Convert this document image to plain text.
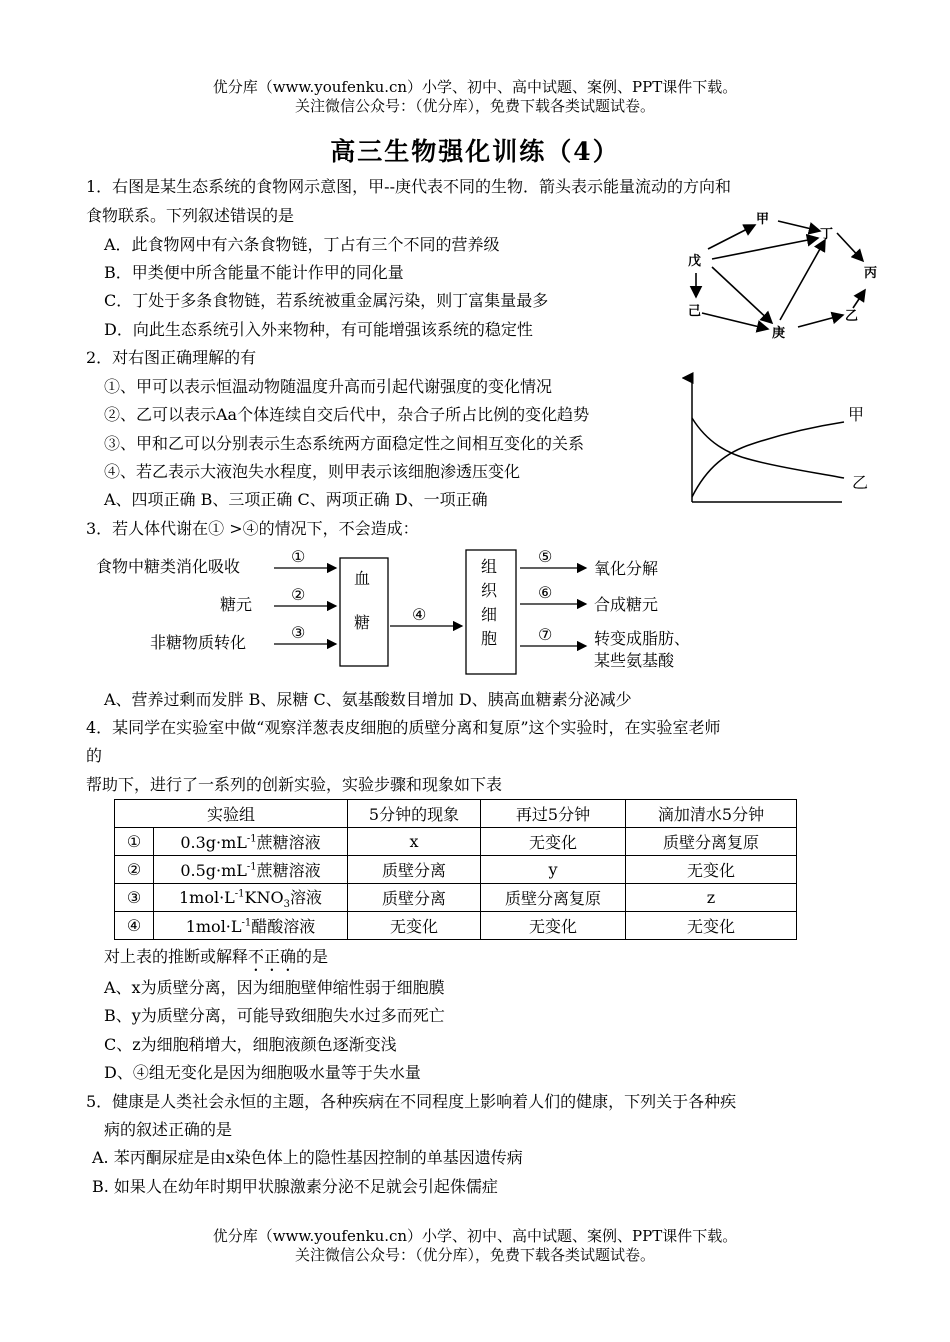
优分库（www.youfenku.cn）小学、初中、高中试题、案例、PPT课件下载。
关注微信公众号：（优分库），免费下载各类试题试卷。
高三生物强化训练（4）
1．右图是某生态系统的食物网示意图，甲--庚代表不同的生物．箭头表示能量流动的方向和
食物联系。下列叙述错误的是
A．此食物网中有六条食物链，丁占有三个不同的营养级
B．甲类便中所含能量不能计作甲的同化量
C．丁处于多条食物链，若系统被重金属污染，则丁富集量最多
D．向此生态系统引入外来物种，有可能增强该系统的稳定性
甲
丁
戊
丙
己
庚
乙
2．对右图正确理解的有
①、甲可以表示恒温动物随温度升高而引起代谢强度的变化情况
②、乙可以表示Aa个体连续自交后代中，杂合子所占比例的变化趋势
③、甲和乙可以分别表示生态系统两方面稳定性之间相互变化的关系
④、若乙表示大液泡失水程度，则甲表示该细胞渗透压变化
A、四项正确 B、三项正确 C、两项正确 D、一项正确
甲
乙
3．若人体代谢在① >④的情况下，不会造成：
食物中糖类消化吸收
糖元
非糖物质转化
①
②
③
④
⑤
⑥
⑦
血
糖
组
织
细
胞
氧化分解
合成糖元
转变成脂肪、
某些氨基酸
A、营养过剩而发胖 B、尿糖 C、氨基酸数目增加 D、胰高血糖素分泌减少
4．某同学在实验室中做“观察洋葱表皮细胞的质壁分离和复原”这个实验时，在实验室老师
的
帮助下，进行了一系列的创新实验，实验步骤和现象如下表
实验组		5分钟的现象	再过5分钟	滴加清水5分钟
①	$0.3g\cdot mL^{-1}$蔗糖溶液	x	无变化	质壁分离复原
②	$0.5g\cdot mL^{-1}$蔗糖溶液	质壁分离	y	无变化
③	$1mol\cdot L^{-1}KNO_3$溶液	质壁分离	质壁分离复原	z
④	$1mol\cdot L^{-1}$醋酸溶液	无变化	无变化	无变化
对上表的推断或解释不正确的是
A、x为质壁分离，因为细胞壁伸缩性弱于细胞膜
B、y为质壁分离，可能导致细胞失水过多而死亡
C、z为细胞稍增大，细胞液颜色逐渐变浅
D、④组无变化是因为细胞吸水量等于失水量
5．健康是人类社会永恒的主题，各种疾病在不同程度上影响着人们的健康，下列关于各种疾
病的叙述正确的是
A. 苯丙酮尿症是由x染色体上的隐性基因控制的单基因遗传病
B. 如果人在幼年时期甲状腺激素分泌不足就会引起侏儒症
优分库（www.youfenku.cn）小学、初中、高中试题、案例、PPT课件下载。
关注微信公众号：（优分库），免费下载各类试题试卷。
